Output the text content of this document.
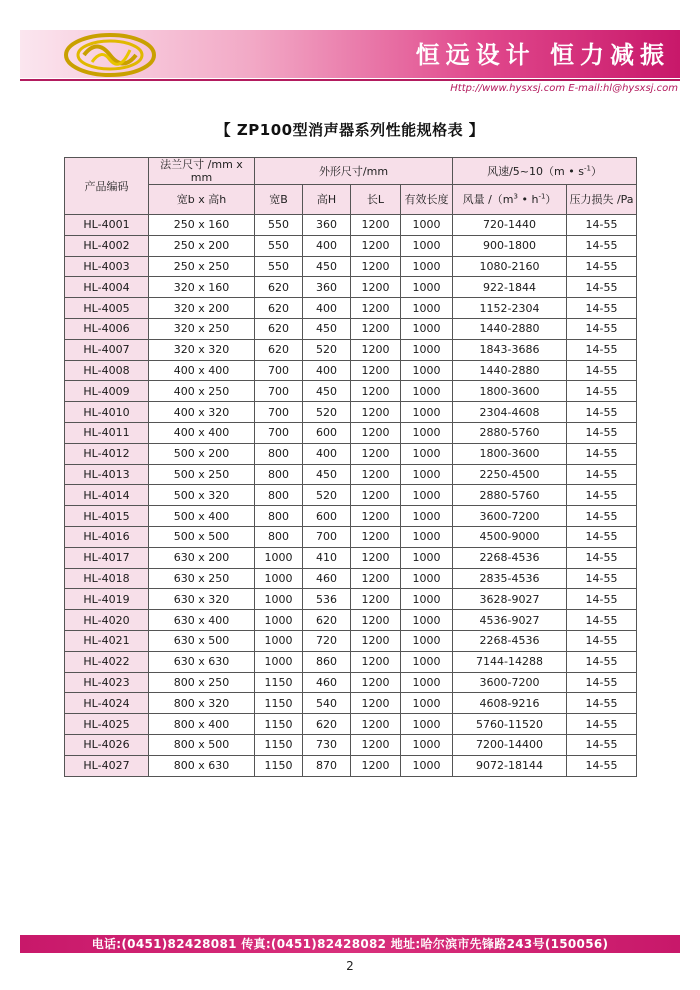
恒远设计 恒力减振
Http://www.hysxsj.com E-mail:hl@hysxsj.com
【 ZP100型消声器系列性能规格表 】
产品编码	法兰尺寸 /mm x mm	外形尺寸/mm				风速/5~10（m • $s^{-1}$）	
	宽b x 高h	宽B	高H	长L	有效长度	风量 $/(m^3$ • $h^{-1}$）	压力损失 /Pa
HL-4001	250 x 160	550	360	1200	1000	720-1440	14-55
HL-4002	250 x 200	550	400	1200	1000	900-1800	14-55
HL-4003	250 x 250	550	450	1200	1000	1080-2160	14-55
HL-4004	320 x 160	620	360	1200	1000	922-1844	14-55
HL-4005	320 x 200	620	400	1200	1000	1152-2304	14-55
HL-4006	320 x 250	620	450	1200	1000	1440-2880	14-55
HL-4007	320 x 320	620	520	1200	1000	1843-3686	14-55
HL-4008	400 x 400	700	400	1200	1000	1440-2880	14-55
HL-4009	400 x 250	700	450	1200	1000	1800-3600	14-55
HL-4010	400 x 320	700	520	1200	1000	2304-4608	14-55
HL-4011	400 x 400	700	600	1200	1000	2880-5760	14-55
HL-4012	500 x 200	800	400	1200	1000	1800-3600	14-55
HL-4013	500 x 250	800	450	1200	1000	2250-4500	14-55
HL-4014	500 x 320	800	520	1200	1000	2880-5760	14-55
HL-4015	500 x 400	800	600	1200	1000	3600-7200	14-55
HL-4016	500 x 500	800	700	1200	1000	4500-9000	14-55
HL-4017	630 x 200	1000	410	1200	1000	2268-4536	14-55
HL-4018	630 x 250	1000	460	1200	1000	2835-4536	14-55
HL-4019	630 x 320	1000	536	1200	1000	3628-9027	14-55
HL-4020	630 x 400	1000	620	1200	1000	4536-9027	14-55
HL-4021	630 x 500	1000	720	1200	1000	2268-4536	14-55
HL-4022	630 x 630	1000	860	1200	1000	7144-14288	14-55
HL-4023	800 x 250	1150	460	1200	1000	3600-7200	14-55
HL-4024	800 x 320	1150	540	1200	1000	4608-9216	14-55
HL-4025	800 x 400	1150	620	1200	1000	5760-11520	14-55
HL-4026	800 x 500	1150	730	1200	1000	7200-14400	14-55
HL-4027	800 x 630	1150	870	1200	1000	9072-18144	14-55
电话:(0451)82428081 传真:(0451)82428082 地址:哈尔滨市先锋路243号(150056)
2
